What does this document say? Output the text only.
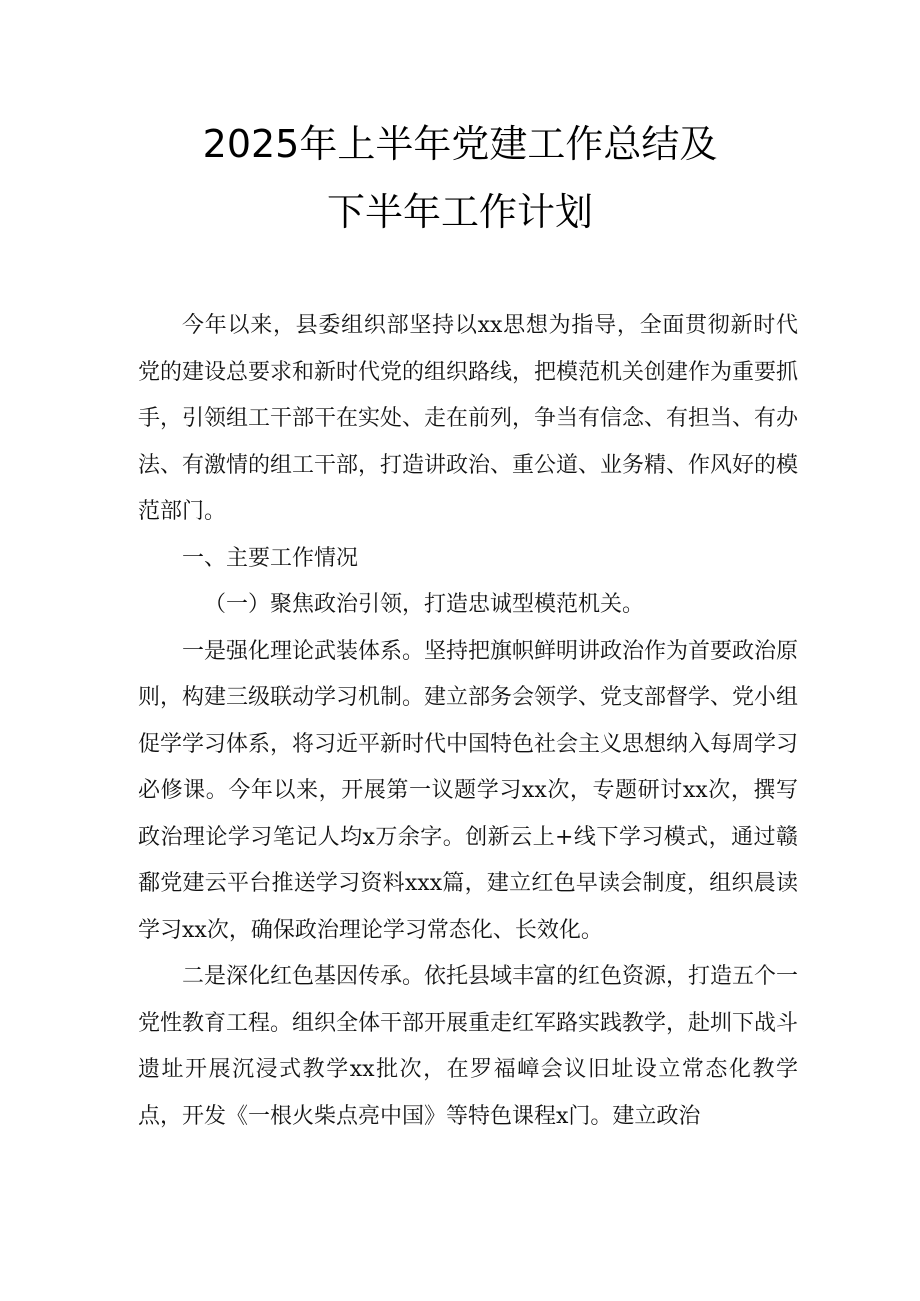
2025年上半年党建工作总结及
下半年工作计划

今年以来，县委组织部坚持以xx思想为指导，全面贯彻新时代党的建设总要求和新时代党的组织路线，把模范机关创建作为重要抓手，引领组工干部干在实处、走在前列，争当有信念、有担当、有办法、有激情的组工干部，打造讲政治、重公道、业务精、作风好的模范部门。

一、主要工作情况

（一）聚焦政治引领，打造忠诚型模范机关。

一是强化理论武装体系。坚持把旗帜鲜明讲政治作为首要政治原则，构建三级联动学习机制。建立部务会领学、党支部督学、党小组促学学习体系，将习近平新时代中国特色社会主义思想纳入每周学习必修课。今年以来，开展第一议题学习xx次，专题研讨xx次，撰写政治理论学习笔记人均x万余字。创新云上+线下学习模式，通过赣鄱党建云平台推送学习资料xxx篇，建立红色早读会制度，组织晨读学习xx次，确保政治理论学习常态化、长效化。

二是深化红色基因传承。依托县域丰富的红色资源，打造五个一党性教育工程。组织全体干部开展重走红军路实践教学，赴圳下战斗遗址开展沉浸式教学xx批次，在罗福嶂会议旧址设立常态化教学点，开发《一根火柴点亮中国》等特色课程x门。建立政治
